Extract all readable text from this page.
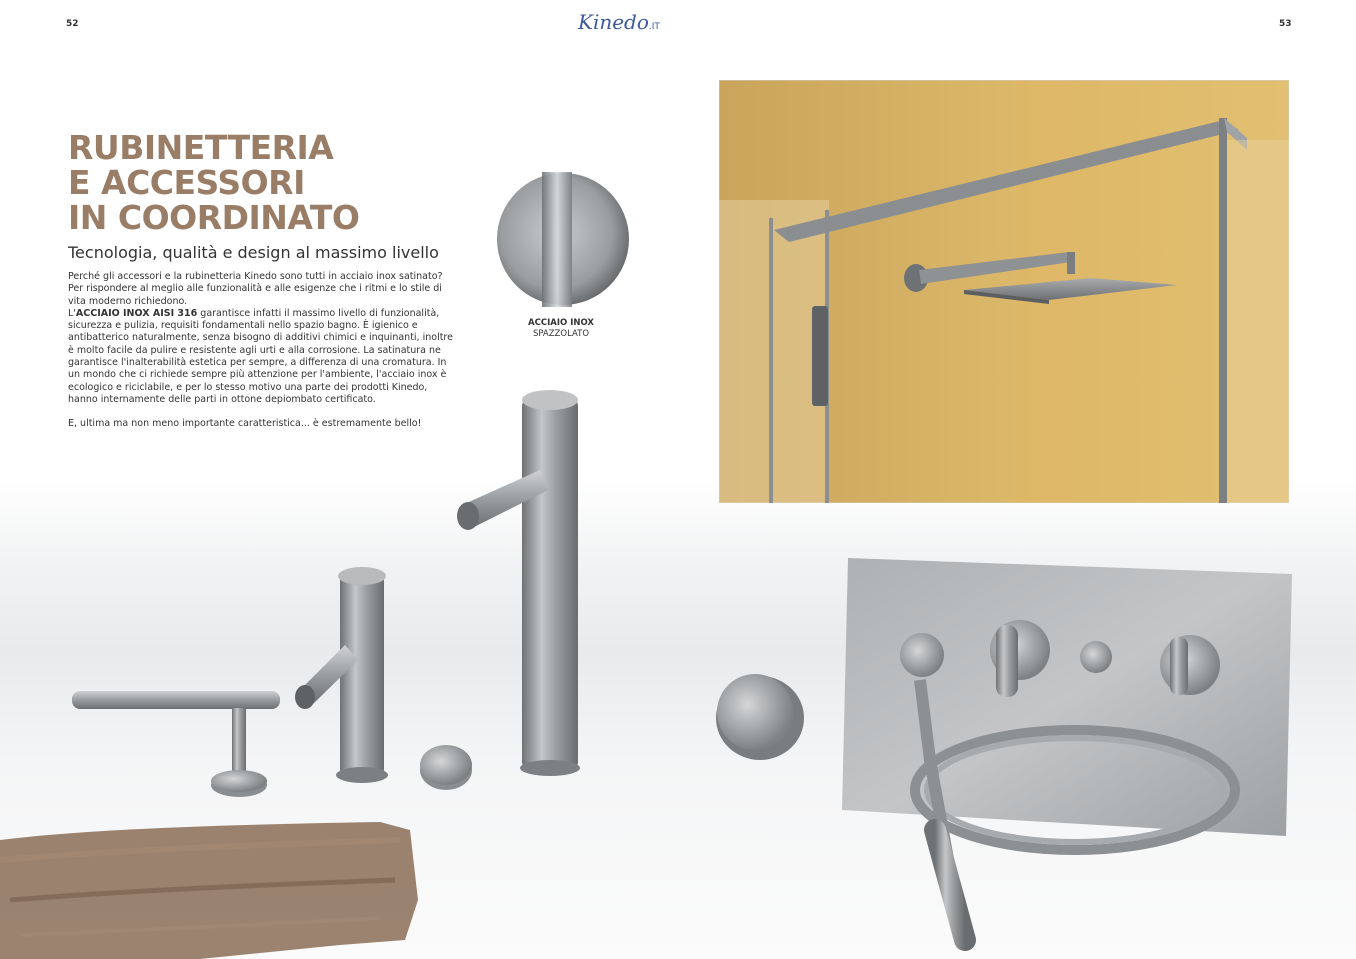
52	Kinedo.IT	53
RUBINETTERIA
E ACCESSORI
IN COORDINATO
Tecnologia, qualità e design al massimo livello

Perché gli accessori e la rubinetteria Kinedo sono tutti in acciaio inox satinato? Per rispondere al meglio alle funzionalità e alle esigenze che i ritmi e lo stile di vita moderno richiedono.
L'ACCIAIO INOX AISI 316 garantisce infatti il massimo livello di funzionalità, sicurezza e pulizia, requisiti fondamentali nello spazio bagno. È igienico e antibatterico naturalmente, senza bisogno di additivi chimici e inquinanti, inoltre è molto facile da pulire e resistente agli urti e alla corrosione. La satinatura ne garantisce l'inalterabilità estetica per sempre, a differenza di una cromatura. In un mondo che ci richiede sempre più attenzione per l'ambiente, l'acciaio inox è ecologico e riciclabile, e per lo stesso motivo una parte dei prodotti Kinedo, hanno internamente delle parti in ottone depiombato certificato.

E, ultima ma non meno importante caratteristica... è estremamente bello!

ACCIAIO INOX
SPAZZOLATO
